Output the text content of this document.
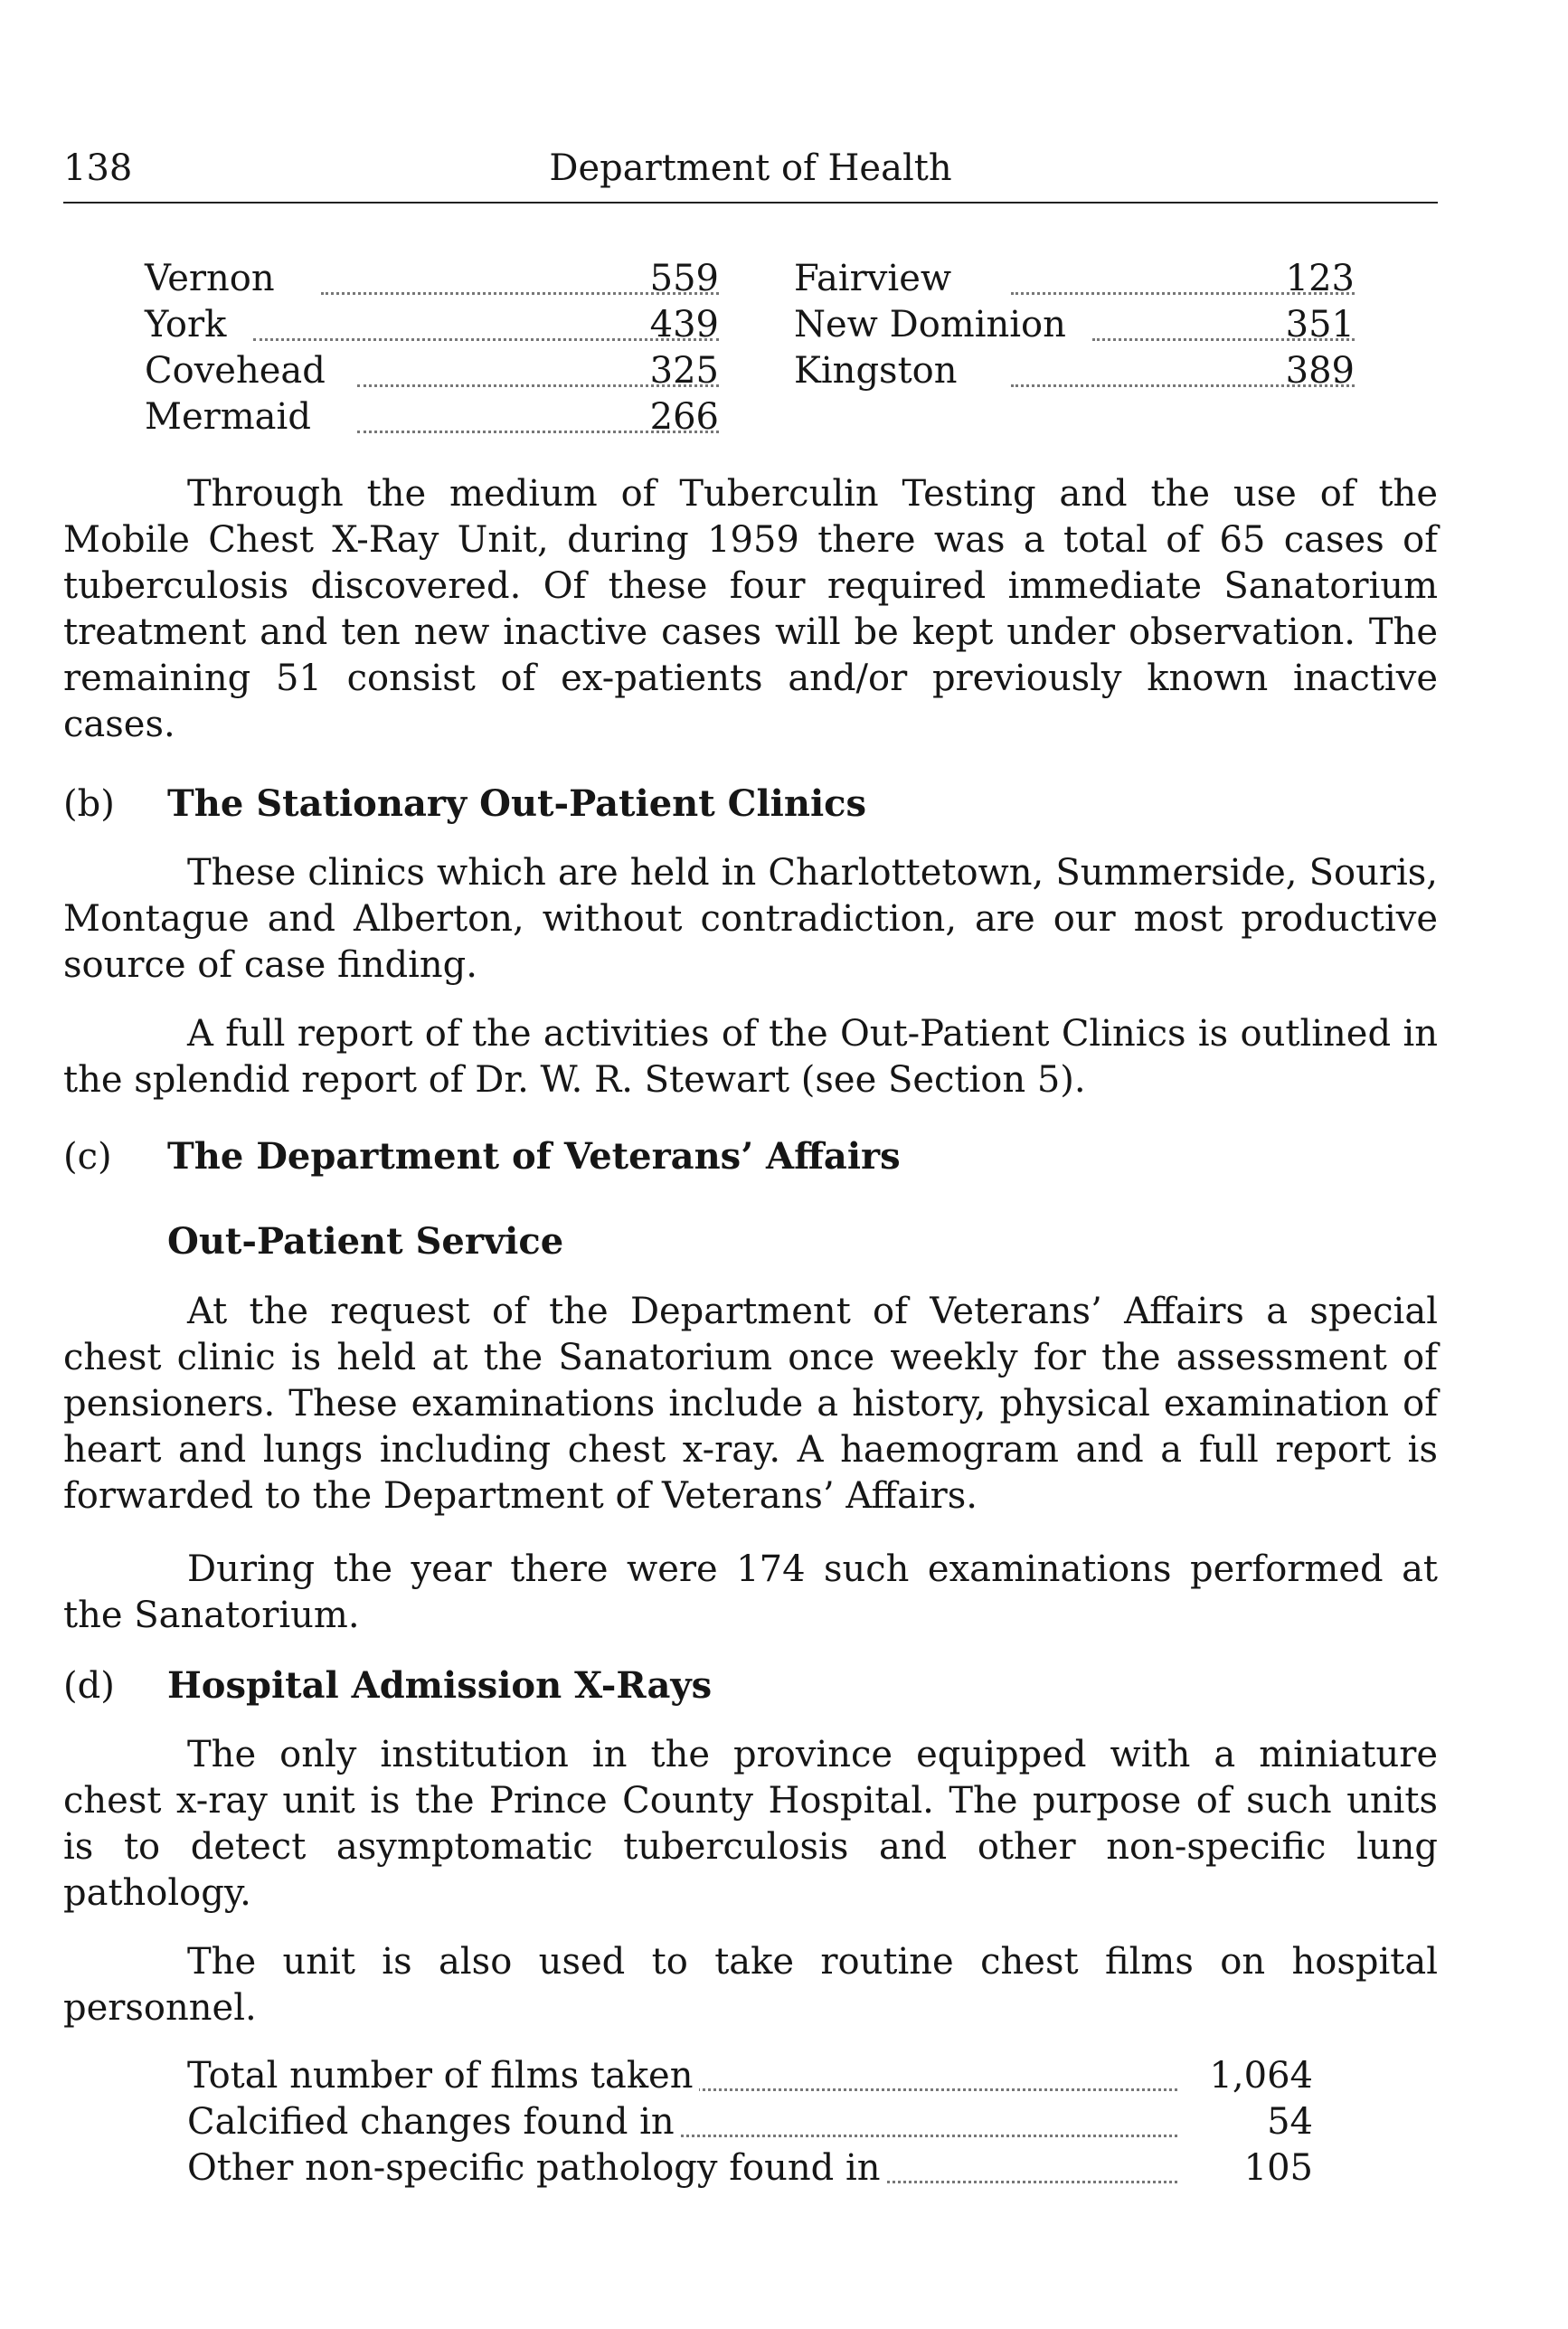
138	Department of Health
Vernon	559
York	439
Covehead	325
Mermaid	266
Fairview	123
New Dominion	351
Kingston	389

Through the medium of Tuberculin Testing and the use of the Mobile Chest X-Ray Unit, during 1959 there was a total of 65 cases of tuberculosis discovered. Of these four required immediate Sanatorium treatment and ten new inactive cases will be kept under observation. The remaining 51 consist of ex-patients and/or previously known inactive cases.

(b) The Stationary Out-Patient Clinics

These clinics which are held in Charlottetown, Summerside, Souris, Montague and Alberton, without contradiction, are our most productive source of case finding.

A full report of the activities of the Out-Patient Clinics is outlined in the splendid report of Dr. W. R. Stewart (see Section 5).

(c) The Department of Veterans’ Affairs

Out-Patient Service

At the request of the Department of Veterans’ Affairs a special chest clinic is held at the Sanatorium once weekly for the assessment of pensioners. These examinations include a history, physical examination of heart and lungs including chest x-ray. A haemogram and a full report is forwarded to the Department of Veterans’ Affairs.

During the year there were 174 such examinations performed at the Sanatorium.

(d) Hospital Admission X-Rays

The only institution in the province equipped with a miniature chest x-ray unit is the Prince County Hospital. The purpose of such units is to detect asymptomatic tuberculosis and other non-specific lung pathology.

The unit is also used to take routine chest films on hospital personnel.

Total number of films taken	1,064
Calcified changes found in	54
Other non-specific pathology found in	105
